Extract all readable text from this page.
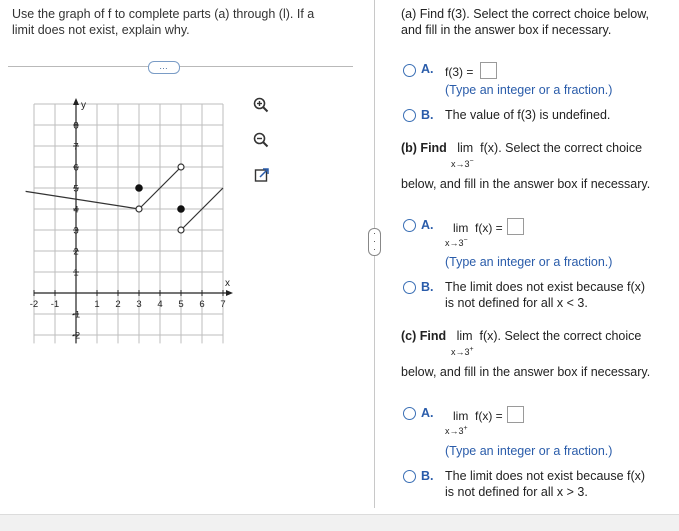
Use the graph of f to complete parts (a) through (l). If a
limit does not exist, explain why.
…
y
x
-2 -1	1 2 3 4 5 6 7
8
7
6
5
4
3
2
1
-1
-2
·
·
·
(a) Find f(3). Select the correct choice below,
and fill in the answer box if necessary.
A. f(3) =
(Type an integer or a fraction.)
B. The value of f(3) is undefined.
(b) Find lim f(x). Select the correct choice
x→3−
below, and fill in the answer box if necessary.
A. lim f(x) =
x→3−
(Type an integer or a fraction.)
B. The limit does not exist because f(x)
is not defined for all x < 3.
(c) Find lim f(x). Select the correct choice
x→3+
below, and fill in the answer box if necessary.
A. lim f(x) =
x→3+
(Type an integer or a fraction.)
B. The limit does not exist because f(x)
is not defined for all x > 3.
